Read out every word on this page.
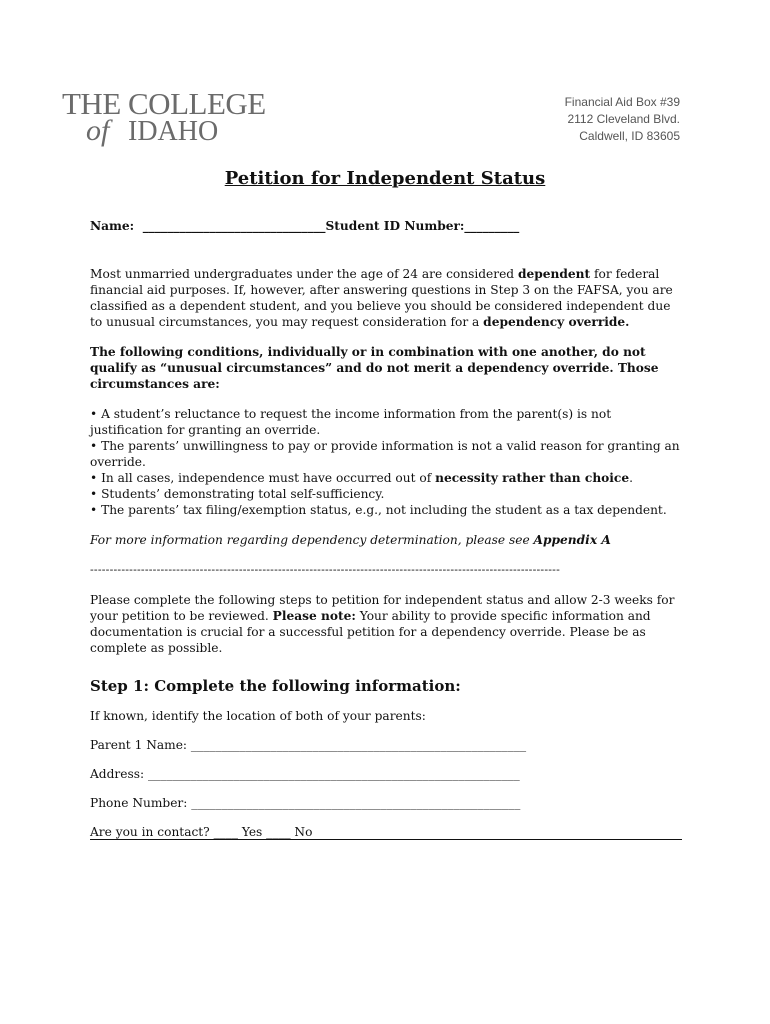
THE COLLEGE
of IDAHO
Financial Aid Box #39
2112 Cleveland Blvd.
Caldwell, ID 83605
Petition for Independent Status
Name: ______________________________Student ID Number:_________

Most unmarried undergraduates under the age of 24 are considered dependent for federal financial aid purposes. If, however, after answering questions in Step 3 on the FAFSA, you are classified as a dependent student, and you believe you should be considered independent due to unusual circumstances, you may request consideration for a dependency override.

The following conditions, individually or in combination with one another, do not qualify as “unusual circumstances” and do not merit a dependency override. Those circumstances are:

• A student’s reluctance to request the income information from the parent(s) is not justification for granting an override.
• The parents’ unwillingness to pay or provide information is not a valid reason for granting an override.
• In all cases, independence must have occurred out of necessity rather than choice.
• Students’ demonstrating total self-sufficiency.
• The parents’ tax filing/exemption status, e.g., not including the student as a tax dependent.

For more information regarding dependency determination, please see Appendix A

------------------------------------------------------------------------------------------------------------------------

Please complete the following steps to petition for independent status and allow 2-3 weeks for your petition to be reviewed. Please note: Your ability to provide specific information and documentation is crucial for a successful petition for a dependency override. Please be as complete as possible.

Step 1: Complete the following information:
If known, identify the location of both of your parents:
Parent 1 Name: _______________________________________________________
Address: _____________________________________________________________
Phone Number: ______________________________________________________
Are you in contact? ____ Yes ____ No
